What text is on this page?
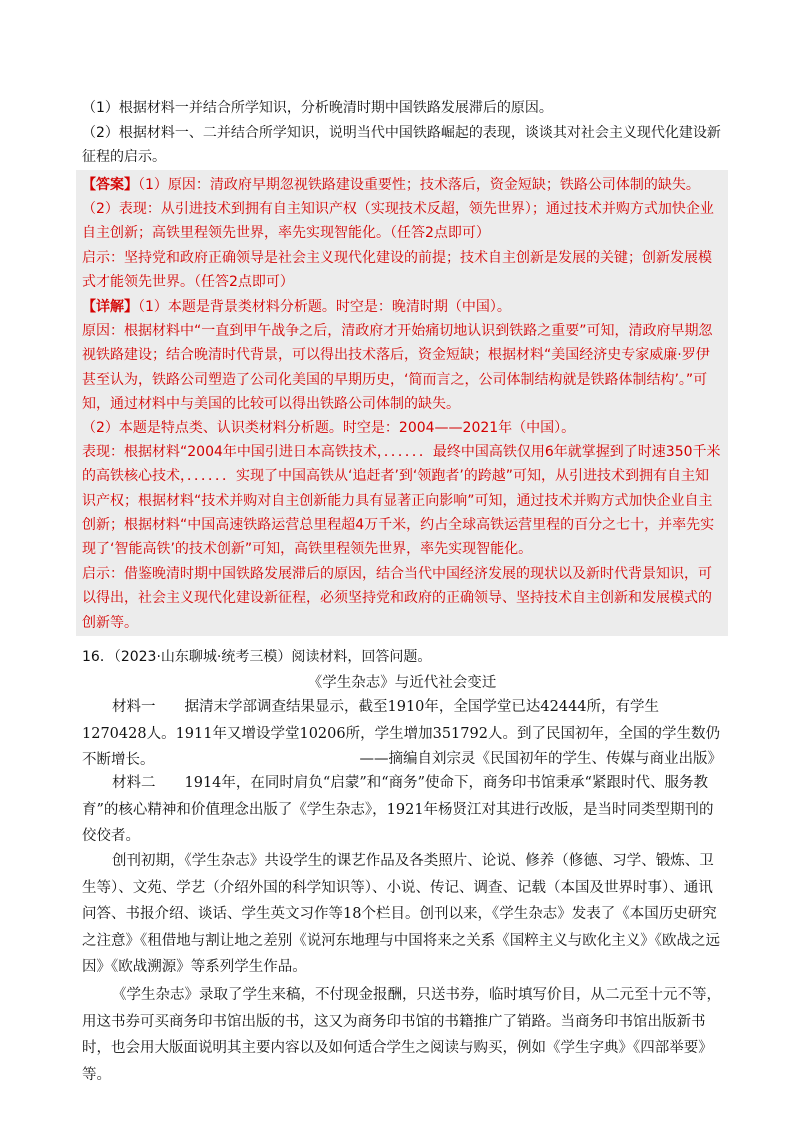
（1）根据材料一并结合所学知识，分析晚清时期中国铁路发展滞后的原因。
（2）根据材料一、二并结合所学知识，说明当代中国铁路崛起的表现，谈谈其对社会主义现代化建设新征程的启示。
【答案】（1）原因：清政府早期忽视铁路建设重要性；技术落后，资金短缺；铁路公司体制的缺失。
（2）表现：从引进技术到拥有自主知识产权（实现技术反超，领先世界）；通过技术并购方式加快企业自主创新；高铁里程领先世界，率先实现智能化。（任答2点即可）
启示：坚持党和政府正确领导是社会主义现代化建设的前提；技术自主创新是发展的关键；创新发展模式才能领先世界。（任答2点即可）
【详解】（1）本题是背景类材料分析题。时空是：晚清时期（中国）。
原因：根据材料中“一直到甲午战争之后，清政府才开始痛切地认识到铁路之重要”可知，清政府早期忽视铁路建设；结合晚清时代背景，可以得出技术落后，资金短缺；根据材料“美国经济史专家威廉·罗伊甚至认为，铁路公司塑造了公司化美国的早期历史，‘简而言之，公司体制结构就是铁路体制结构’。”可知，通过材料中与美国的比较可以得出铁路公司体制的缺失。
（2）本题是特点类、认识类材料分析题。时空是：2004——2021年（中国）。
表现：根据材料“2004年中国引进日本高铁技术，．．．．．．最终中国高铁仅用6年就掌握到了时速350千米的高铁核心技术，．．．．．．实现了中国高铁从‘追赶者’到‘领跑者’的跨越”可知，从引进技术到拥有自主知识产权；根据材料“技术并购对自主创新能力具有显著正向影响”可知，通过技术并购方式加快企业自主创新；根据材料“中国高速铁路运营总里程超4万千米，约占全球高铁运营里程的百分之七十，并率先实现了‘智能高铁’的技术创新”可知，高铁里程领先世界，率先实现智能化。
启示：借鉴晚清时期中国铁路发展滞后的原因，结合当代中国经济发展的现状以及新时代背景知识，可以得出，社会主义现代化建设新征程，必须坚持党和政府的正确领导、坚持技术自主创新和发展模式的创新等。
16．（2023·山东聊城·统考三模）阅读材料，回答问题。
《学生杂志》与近代社会变迁
材料一　　据清末学部调查结果显示，截至1910年，全国学堂已达42444所，有学生1270428人。1911年又增设学堂10206所，学生增加351792人。到了民国初年，全国的学生数仍不断增长。	——摘编自刘宗灵《民国初年的学生、传媒与商业出版》
材料二　　1914年，在同时肩负“启蒙”和“商务”使命下，商务印书馆秉承“紧跟时代、服务教育”的核心精神和价值理念出版了《学生杂志》，1921年杨贤江对其进行改版，是当时同类型期刊的佼佼者。
创刊初期，《学生杂志》共设学生的课艺作品及各类照片、论说、修养（修德、习学、锻炼、卫生等）、文苑、学艺（介绍外国的科学知识等）、小说、传记、调查、记载（本国及世界时事）、通讯问答、书报介绍、谈话、学生英文习作等18个栏目。创刊以来，《学生杂志》发表了《本国历史研究之注意》《租借地与割让地之差别《说河东地理与中国将来之关系《国粹主义与欧化主义》《欧战之远因》《欧战溯源》等系列学生作品。
《学生杂志》录取了学生来稿，不付现金报酬，只送书券，临时填写价目，从二元至十元不等，用这书券可买商务印书馆出版的书，这又为商务印书馆的书籍推广了销路。当商务印书馆出版新书时，也会用大版面说明其主要内容以及如何适合学生之阅读与购买，例如《学生字典》《四部举要》等。
